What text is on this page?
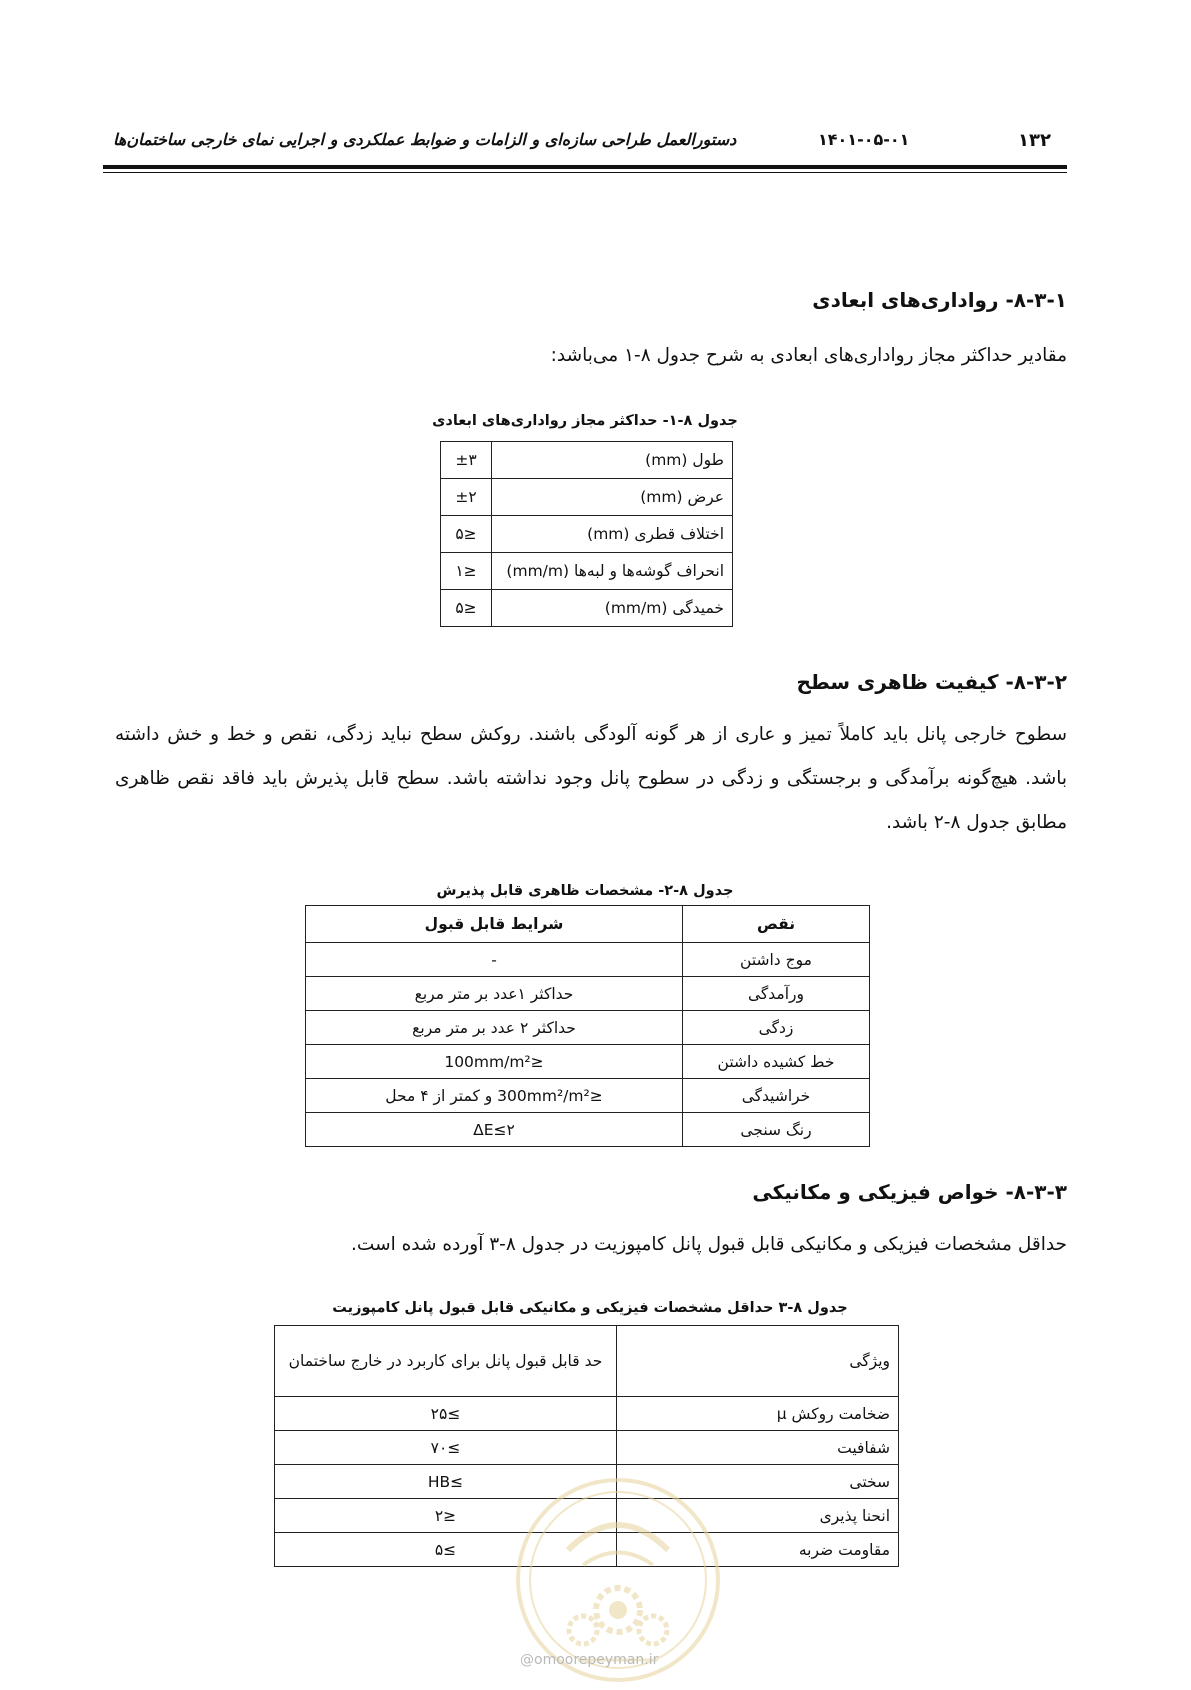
دستورالعمل طراحی سازه‌ای و الزامات و ضوابط عملکردی و اجرایی نمای خارجی ساختمان‌ها	۱۴۰۱-۰۵-۰۱	۱۳۲
۸-۳-۱- رواداری‌های ابعادی
مقادیر حداکثر مجاز رواداری‌های ابعادی به شرح جدول ۸-۱ می‌باشد:
جدول ۸-۱- حداکثر مجاز رواداری‌های ابعادی
طول (mm)	±۳
عرض (mm)	±۲
اختلاف قطری (mm)	≤۵
انحراف گوشه‌ها و لبه‌ها (mm/m)	≤۱
خمیدگی (mm/m)	≤۵
۸-۳-۲- کیفیت ظاهری سطح
سطوح خارجی پانل باید کاملاً تمیز و عاری از هر گونه آلودگی باشند. روکش سطح نباید زدگی، نقص و خط و خش داشته باشد. هیچ‌گونه برآمدگی و برجستگی و زدگی در سطوح پانل وجود نداشته باشد. سطح قابل پذیرش باید فاقد نقص ظاهری مطابق جدول ۸-۲ باشد.
جدول ۸-۲- مشخصات ظاهری قابل پذیرش
نقص	شرایط قابل قبول
موج داشتن	-
ورآمدگی	حداکثر ۱عدد بر متر مربع
زدگی	حداکثر ۲ عدد بر متر مربع
خط کشیده داشتن	≤100mm/m²
خراشیدگی	≤300mm²/m² و کمتر از ۴ محل
رنگ سنجی	ΔE≤۲
۸-۳-۳- خواص فیزیکی و مکانیکی
حداقل مشخصات فیزیکی و مکانیکی قابل قبول پانل کامپوزیت در جدول ۸-۳ آورده شده است.
جدول ۸-۳ حداقل مشخصات فیزیکی و مکانیکی قابل قبول پانل کامپوزیت
ویژگی	حد قابل قبول پانل برای کاربرد در خارج ساختمان
ضخامت روکش µ	≥۲۵
شفافیت	≥۷۰
سختی	≥HB
انحنا پذیری	≤۲
مقاومت ضربه	≥۵
@omoorepeyman.ir
